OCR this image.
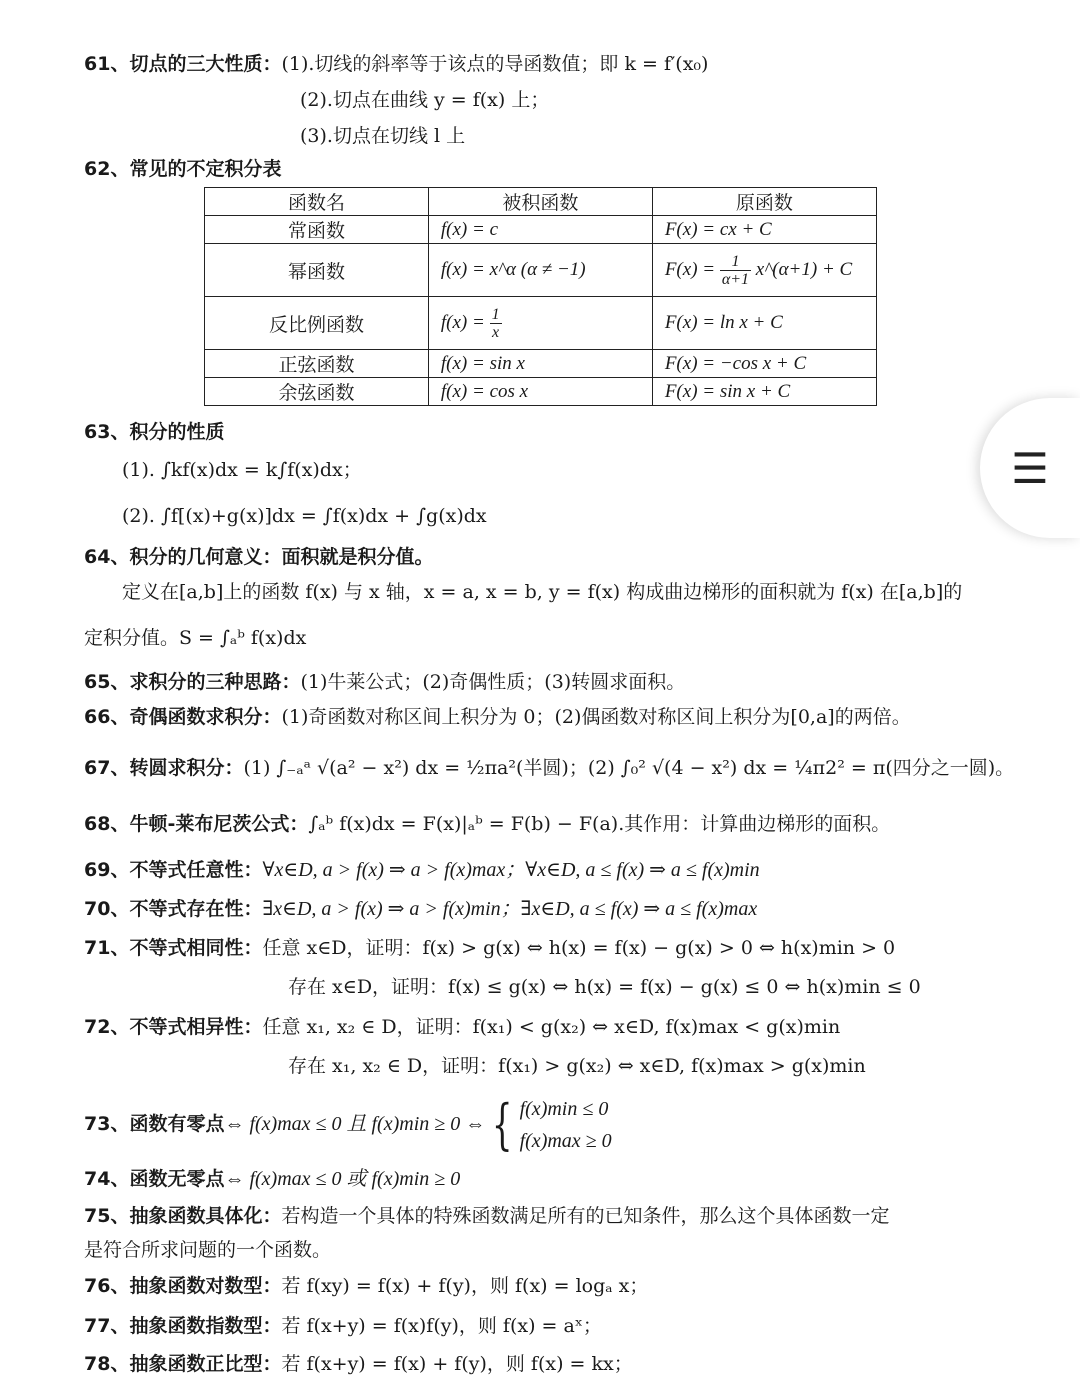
61、切点的三大性质：(1).切线的斜率等于该点的导函数值；即 k = f′(x₀)
(2).切点在曲线 y = f(x) 上；
(3).切点在切线 l 上
62、常见的不定积分表
函数名	被积函数	原函数
常函数	f(x) = c	F(x) = cx + C
幂函数	f(x) = x^α (α ≠ −1)	$F(x) = \frac{1}{\alpha+1}$ x^(α+1) + C
反比例函数	$f(x) = \frac{1}{x}$	F(x) = ln x + C
正弦函数	f(x) = sin x	F(x) = −cos x + C
余弦函数	f(x) = cos x	F(x) = sin x + C
63、积分的性质
(1). ∫kf(x)dx = k∫f(x)dx；
(2). ∫f[(x)+g(x)]dx = ∫f(x)dx + ∫g(x)dx
64、积分的几何意义：面积就是积分值。
定义在[a,b]上的函数 f(x) 与 x 轴，x = a, x = b, y = f(x) 构成曲边梯形的面积就为 f(x) 在[a,b]的
定积分值。S = ∫ₐᵇ f(x)dx
65、求积分的三种思路：(1)牛莱公式；(2)奇偶性质；(3)转圆求面积。
66、奇偶函数求积分：(1)奇函数对称区间上积分为 0；(2)偶函数对称区间上积分为[0,a]的两倍。
67、转圆求积分：(1) ∫₋ₐᵃ √(a² − x²) dx = ½πa²(半圆)；(2) ∫₀² √(4 − x²) dx = ¼π2² = π(四分之一圆)。
68、牛顿-莱布尼茨公式：∫ₐᵇ f(x)dx = F(x)|ₐᵇ = F(b) − F(a).其作用：计算曲边梯形的面积。
69、不等式任意性：∀x∈D, a > f(x) ⇒ a > f(x)max；∀x∈D, a ≤ f(x) ⇒ a ≤ f(x)min
70、不等式存在性：∃x∈D, a > f(x) ⇒ a > f(x)min；∃x∈D, a ≤ f(x) ⇒ a ≤ f(x)max
71、不等式相同性：任意 x∈D，证明：f(x) > g(x) ⇔ h(x) = f(x) − g(x) > 0 ⇔ h(x)min > 0
存在 x∈D，证明：f(x) ≤ g(x) ⇔ h(x) = f(x) − g(x) ≤ 0 ⇔ h(x)min ≤ 0
72、不等式相异性：任意 x₁, x₂ ∈ D，证明：f(x₁) < g(x₂) ⇔ x∈D, f(x)max < g(x)min
存在 x₁, x₂ ∈ D，证明：f(x₁) > g(x₂) ⇔ x∈D, f(x)max > g(x)min
73、函数有零点⇔ f(x)max ≤ 0 且 f(x)min ≥ 0 ⇔ { f(x)min ≤ 0
f(x)max ≥ 0
74、函数无零点⇔ f(x)max ≤ 0 或 f(x)min ≥ 0
75、抽象函数具体化：若构造一个具体的特殊函数满足所有的已知条件，那么这个具体函数一定
是符合所求问题的一个函数。
76、抽象函数对数型：若 f(xy) = f(x) + f(y)，则 f(x) = logₐ x；
77、抽象函数指数型：若 f(x+y) = f(x)f(y)，则 f(x) = aˣ；
78、抽象函数正比型：若 f(x+y) = f(x) + f(y)，则 f(x) = kx；
☰
